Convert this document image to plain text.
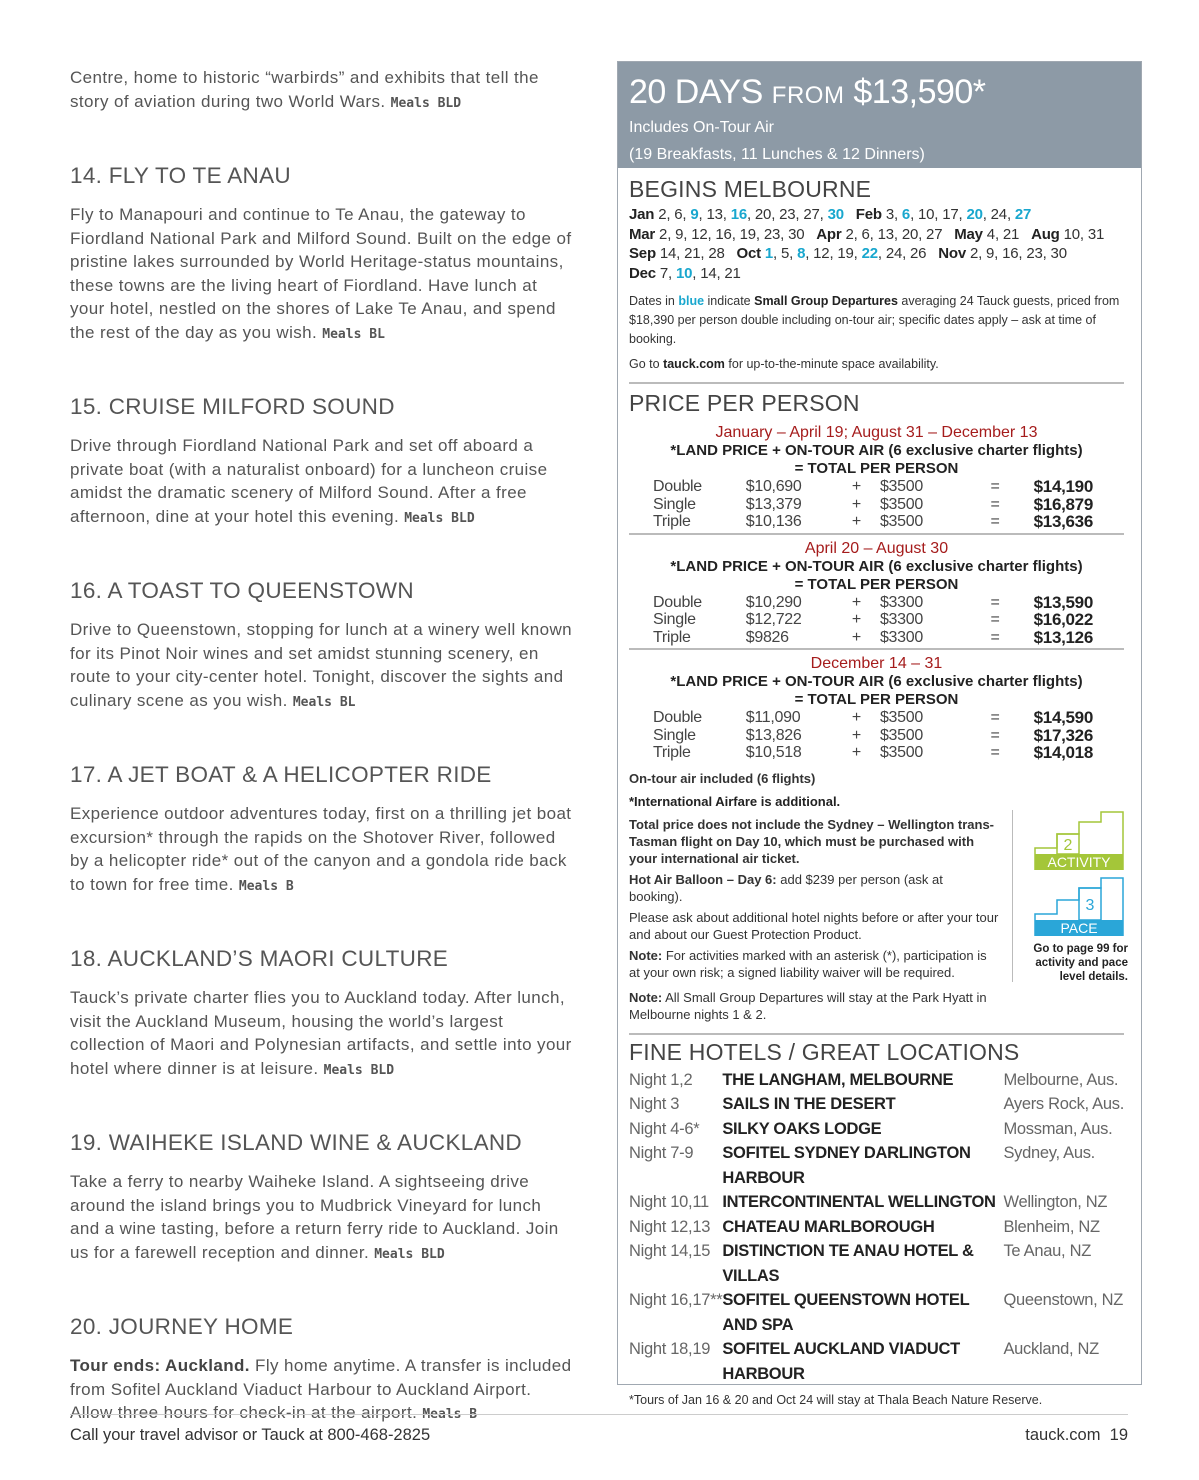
Centre, home to historic “warbirds” and exhibits that tell the story of aviation during two World Wars. Meals BLD

14. FLY TO TE ANAU

Fly to Manapouri and continue to Te Anau, the gateway to Fiordland National Park and Milford Sound. Built on the edge of pristine lakes surrounded by World Heritage-status mountains, these towns are the living heart of Fiordland. Have lunch at your hotel, nestled on the shores of Lake Te Anau, and spend the rest of the day as you wish. Meals BL

15. CRUISE MILFORD SOUND

Drive through Fiordland National Park and set off aboard a private boat (with a naturalist onboard) for a luncheon cruise amidst the dramatic scenery of Milford Sound. After a free afternoon, dine at your hotel this evening. Meals BLD

16. A TOAST TO QUEENSTOWN

Drive to Queenstown, stopping for lunch at a winery well known for its Pinot Noir wines and set amidst stunning scenery, en route to your city-center hotel. Tonight, discover the sights and culinary scene as you wish. Meals BL

17. A JET BOAT & A HELICOPTER RIDE

Experience outdoor adventures today, first on a thrilling jet boat excursion* through the rapids on the Shotover River, followed by a helicopter ride* out of the canyon and a gondola ride back to town for free time. Meals B

18. AUCKLAND’S MAORI CULTURE

Tauck’s private charter flies you to Auckland today. After lunch, visit the Auckland Museum, housing the world’s largest collection of Maori and Polynesian artifacts, and settle into your hotel where dinner is at leisure. Meals BLD

19. WAIHEKE ISLAND WINE & AUCKLAND

Take a ferry to nearby Waiheke Island. A sightseeing drive around the island brings you to Mudbrick Vineyard for lunch and a wine tasting, before a return ferry ride to Auckland. Join us for a farewell reception and dinner. Meals BLD

20. JOURNEY HOME

Tour ends: Auckland. Fly home anytime. A transfer is included from Sofitel Auckland Viaduct Harbour to Auckland Airport. Allow three hours for check-in at the airport. Meals B

20 DAYS FROM $13,590*
Includes On-Tour Air
(19 Breakfasts, 11 Lunches & 12 Dinners)
BEGINS MELBOURNE
Jan 2, 6, 9, 13, 16, 20, 23, 27, 30 Feb 3, 6, 10, 17, 20, 24, 27
Mar 2, 9, 12, 16, 19, 23, 30   Apr 2, 6, 13, 20, 27   May 4, 21   Aug 10, 31
Sep 14, 21, 28   Oct 1, 5, 8, 12, 19, 22, 24, 26   Nov 2, 9, 16, 23, 30
Dec 7, 10, 14, 21
Dates in blue indicate Small Group Departures averaging 24 Tauck guests, priced from $18,390 per person double including on-tour air; specific dates apply – ask at time of booking.
Go to tauck.com for up-to-the-minute space availability.
PRICE PER PERSON
January – April 19; August 31 – December 13
*LAND PRICE + ON-TOUR AIR (6 exclusive charter flights)
= TOTAL PER PERSON
Double	$10,690	+	$3500	=	$14,190
Single	$13,379	+	$3500	=	$16,879
Triple	$10,136	+	$3500	=	$13,636
April 20 – August 30
*LAND PRICE + ON-TOUR AIR (6 exclusive charter flights)
= TOTAL PER PERSON
Double	$10,290	+	$3300	=	$13,590
Single	$12,722	+	$3300	=	$16,022
Triple	$9826	+	$3300	=	$13,126
December 14 – 31
*LAND PRICE + ON-TOUR AIR (6 exclusive charter flights)
= TOTAL PER PERSON
Double	$11,090	+	$3500	=	$14,590
Single	$13,826	+	$3500	=	$17,326
Triple	$10,518	+	$3500	=	$14,018
On-tour air included (6 flights)
*International Airfare is additional.
Total price does not include the Sydney – Wellington trans-Tasman flight on Day 10, which must be purchased with your international air ticket.
Hot Air Balloon – Day 6: add $239 per person (ask at booking).
Please ask about additional hotel nights before or after your tour and about our Guest Protection Product.
Note: For activities marked with an asterisk (*), participation is at your own risk; a signed liability waiver will be required.
Note: All Small Group Departures will stay at the Park Hyatt in Melbourne nights 1 & 2.
2
ACTIVITY
3
PACE
Go to page 99 for activity and pace level details.
FINE HOTELS / GREAT LOCATIONS
Night 1,2	THE LANGHAM, MELBOURNE	Melbourne, Aus.
Night 3	SAILS IN THE DESERT	Ayers Rock, Aus.
Night 4-6*	SILKY OAKS LODGE	Mossman, Aus.
Night 7-9	SOFITEL SYDNEY DARLINGTON HARBOUR	Sydney, Aus.
Night 10,11	INTERCONTINENTAL WELLINGTON	Wellington, NZ
Night 12,13	CHATEAU MARLBOROUGH	Blenheim, NZ
Night 14,15	DISTINCTION TE ANAU HOTEL & VILLAS	Te Anau, NZ
Night 16,17**	SOFITEL QUEENSTOWN HOTEL AND SPA	Queenstown, NZ
Night 18,19	SOFITEL AUCKLAND VIADUCT HARBOUR	Auckland, NZ
*Tours of Jan 16 & 20 and Oct 24 will stay at Thala Beach Nature Reserve.
Call your travel advisor or Tauck at 800-468-2825	tauck.com 19
